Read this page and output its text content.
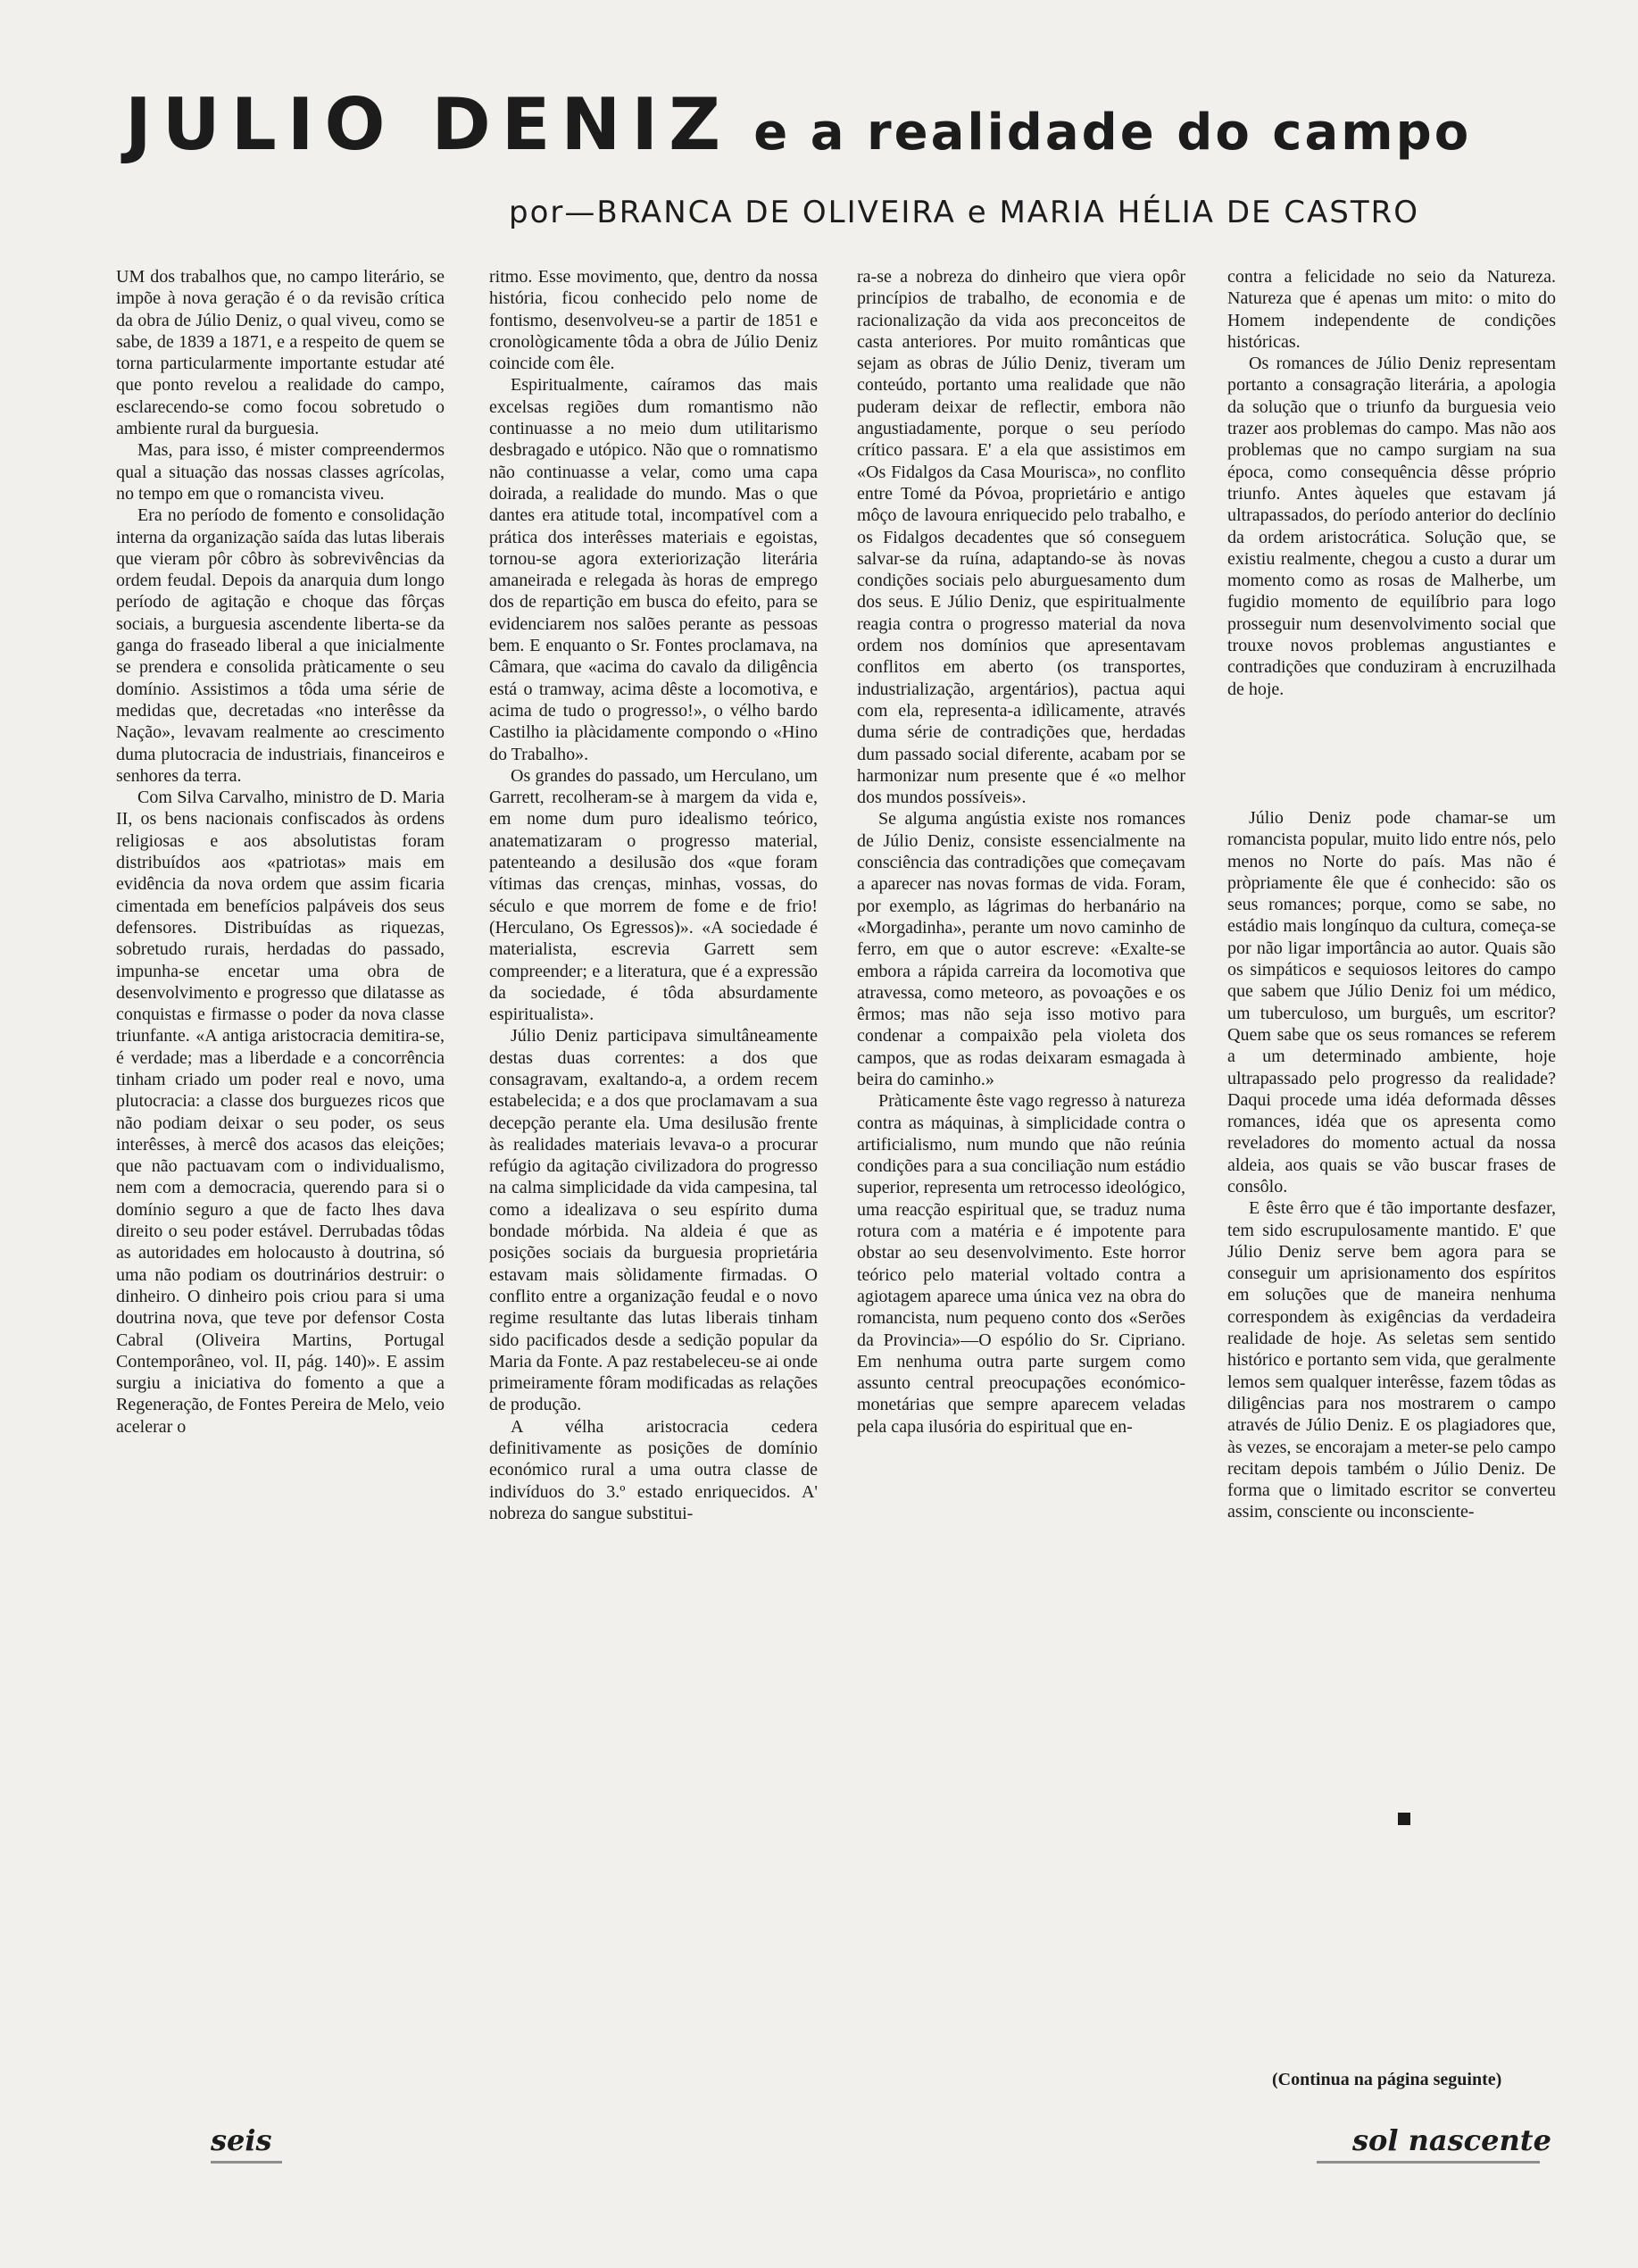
JULIO DENIZ e a realidade do campo
por—BRANCA DE OLIVEIRA e MARIA HÉLIA DE CASTRO

UM dos trabalhos que, no campo literário, se impõe à nova geração é o da revisão crítica da obra de Júlio Deniz, o qual viveu, como se sabe, de 1839 a 1871, e a respeito de quem se torna particularmente importante estudar até que ponto revelou a realidade do campo, esclarecendo-se como focou sobretudo o ambiente rural da burguesia.

Mas, para isso, é mister compreendermos qual a situação das nossas classes agrícolas, no tempo em que o romancista viveu.

Era no período de fomento e consolidação interna da organização saída das lutas liberais que vieram pôr côbro às sobrevivências da ordem feudal. Depois da anarquia dum longo período de agitação e choque das fôrças sociais, a burguesia ascendente liberta-se da ganga do fraseado liberal a que inicialmente se prendera e consolida pràticamente o seu domínio. Assistimos a tôda uma série de medidas que, decretadas «no interêsse da Nação», levavam realmente ao crescimento duma plutocracia de industriais, financeiros e senhores da terra.

Com Silva Carvalho, ministro de D. Maria II, os bens nacionais confiscados às ordens religiosas e aos absolutistas foram distribuídos aos «patriotas» mais em evidência da nova ordem que assim ficaria cimentada em benefícios palpáveis dos seus defensores. Distribuídas as riquezas, sobretudo rurais, herdadas do passado, impunha-se encetar uma obra de desenvolvimento e progresso que dilatasse as conquistas e firmasse o poder da nova classe triunfante. «A antiga aristocracia demitira-se, é verdade; mas a liberdade e a concorrência tinham criado um poder real e novo, uma plutocracia: a classe dos burguezes ricos que não podiam deixar o seu poder, os seus interêsses, à mercê dos acasos das eleições; que não pactuavam com o individualismo, nem com a democracia, querendo para si o domínio seguro a que de facto lhes dava direito o seu poder estável. Derrubadas tôdas as autoridades em holocausto à doutrina, só uma não podiam os doutrinários destruir: o dinheiro. O dinheiro pois criou para si uma doutrina nova, que teve por defensor Costa Cabral (Oliveira Martins, Portugal Contemporâneo, vol. II, pág. 140)». E assim surgiu a iniciativa do fomento a que a Regeneração, de Fontes Pereira de Melo, veio acelerar o

ritmo. Esse movimento, que, dentro da nossa história, ficou conhecido pelo nome de fontismo, desenvolveu-se a partir de 1851 e cronològicamente tôda a obra de Júlio Deniz coincide com êle.

Espiritualmente, caíramos das mais excelsas regiões dum romantismo não continuasse a no meio dum utilitarismo desbragado e utópico. Não que o romnatismo não continuasse a velar, como uma capa doirada, a realidade do mundo. Mas o que dantes era atitude total, incompatível com a prática dos interêsses materiais e egoistas, tornou-se agora exteriorização literária amaneirada e relegada às horas de emprego dos de repartição em busca do efeito, para se evidenciarem nos salões perante as pessoas bem. E enquanto o Sr. Fontes proclamava, na Câmara, que «acima do cavalo da diligência está o tramway, acima dêste a locomotiva, e acima de tudo o progresso!», o vélho bardo Castilho ia plàcidamente compondo o «Hino do Trabalho».

Os grandes do passado, um Herculano, um Garrett, recolheram-se à margem da vida e, em nome dum puro idealismo teórico, anatematizaram o progresso material, patenteando a desilusão dos «que foram vítimas das crenças, minhas, vossas, do século e que morrem de fome e de frio! (Herculano, Os Egressos)». «A sociedade é materialista, escrevia Garrett sem compreender; e a literatura, que é a expressão da sociedade, é tôda absurdamente espiritualista».

Júlio Deniz participava simultâneamente destas duas correntes: a dos que consagravam, exaltando-a, a ordem recem estabelecida; e a dos que proclamavam a sua decepção perante ela. Uma desilusão frente às realidades materiais levava-o a procurar refúgio da agitação civilizadora do progresso na calma simplicidade da vida campesina, tal como a idealizava o seu espírito duma bondade mórbida. Na aldeia é que as posições sociais da burguesia proprietária estavam mais sòlidamente firmadas. O conflito entre a organização feudal e o novo regime resultante das lutas liberais tinham sido pacificados desde a sedição popular da Maria da Fonte. A paz restabeleceu-se ai onde primeiramente fôram modificadas as relações de produção.

A vélha aristocracia cedera definitivamente as posições de domínio económico rural a uma outra classe de indivíduos do 3.º estado enriquecidos. A' nobreza do sangue substitui-

ra-se a nobreza do dinheiro que viera opôr princípios de trabalho, de economia e de racionalização da vida aos preconceitos de casta anteriores. Por muito românticas que sejam as obras de Júlio Deniz, tiveram um conteúdo, portanto uma realidade que não puderam deixar de reflectir, embora não angustiadamente, porque o seu período crítico passara. E' a ela que assistimos em «Os Fidalgos da Casa Mourisca», no conflito entre Tomé da Póvoa, proprietário e antigo môço de lavoura enriquecido pelo trabalho, e os Fidalgos decadentes que só conseguem salvar-se da ruína, adaptando-se às novas condições sociais pelo aburguesamento dum dos seus. E Júlio Deniz, que espiritualmente reagia contra o progresso material da nova ordem nos domínios que apresentavam conflitos em aberto (os transportes, industrialização, argentários), pactua aqui com ela, representa-a idìlicamente, através duma série de contradições que, herdadas dum passado social diferente, acabam por se harmonizar num presente que é «o melhor dos mundos possíveis».

Se alguma angústia existe nos romances de Júlio Deniz, consiste essencialmente na consciência das contradições que começavam a aparecer nas novas formas de vida. Foram, por exemplo, as lágrimas do herbanário na «Morgadinha», perante um novo caminho de ferro, em que o autor escreve: «Exalte-se embora a rápida carreira da locomotiva que atravessa, como meteoro, as povoações e os êrmos; mas não seja isso motivo para condenar a compaixão pela violeta dos campos, que as rodas deixaram esmagada à beira do caminho.»

Pràticamente êste vago regresso à natureza contra as máquinas, à simplicidade contra o artificialismo, num mundo que não reúnia condições para a sua conciliação num estádio superior, representa um retrocesso ideológico, uma reacção espiritual que, se traduz numa rotura com a matéria e é impotente para obstar ao seu desenvolvimento. Este horror teórico pelo material voltado contra a agiotagem aparece uma única vez na obra do romancista, num pequeno conto dos «Serões da Provincia»—O espólio do Sr. Cipriano. Em nenhuma outra parte surgem como assunto central preocupações económico-monetárias que sempre aparecem veladas pela capa ilusória do espiritual que en-

contra a felicidade no seio da Natureza. Natureza que é apenas um mito: o mito do Homem independente de condições históricas.

Os romances de Júlio Deniz representam portanto a consagração literária, a apologia da solução que o triunfo da burguesia veio trazer aos problemas do campo. Mas não aos problemas que no campo surgiam na sua época, como consequência dêsse próprio triunfo. Antes àqueles que estavam já ultrapassados, do período anterior do declínio da ordem aristocrática. Solução que, se existiu realmente, chegou a custo a durar um momento como as rosas de Malherbe, um fugidio momento de equilíbrio para logo prosseguir num desenvolvimento social que trouxe novos problemas angustiantes e contradições que conduziram à encruzilhada de hoje.

Júlio Deniz pode chamar-se um romancista popular, muito lido entre nós, pelo menos no Norte do país. Mas não é pròpriamente êle que é conhecido: são os seus romances; porque, como se sabe, no estádio mais longínquo da cultura, começa-se por não ligar importância ao autor. Quais são os simpáticos e sequiosos leitores do campo que sabem que Júlio Deniz foi um médico, um tuberculoso, um burguês, um escritor? Quem sabe que os seus romances se referem a um determinado ambiente, hoje ultrapassado pelo progresso da realidade? Daqui procede uma idéa deformada dêsses romances, idéa que os apresenta como reveladores do momento actual da nossa aldeia, aos quais se vão buscar frases de consôlo.

E êste êrro que é tão importante desfazer, tem sido escrupulosamente mantido. E' que Júlio Deniz serve bem agora para se conseguir um aprisionamento dos espíritos em soluções que de maneira nenhuma correspondem às exigências da verdadeira realidade de hoje. As seletas sem sentido histórico e portanto sem vida, que geralmente lemos sem qualquer interêsse, fazem tôdas as diligências para nos mostrarem o campo através de Júlio Deniz. E os plagiadores que, às vezes, se encorajam a meter-se pelo campo recitam depois também o Júlio Deniz. De forma que o limitado escritor se converteu assim, consciente ou inconsciente-

(Continua na página seguinte)
seis	sol nascente
